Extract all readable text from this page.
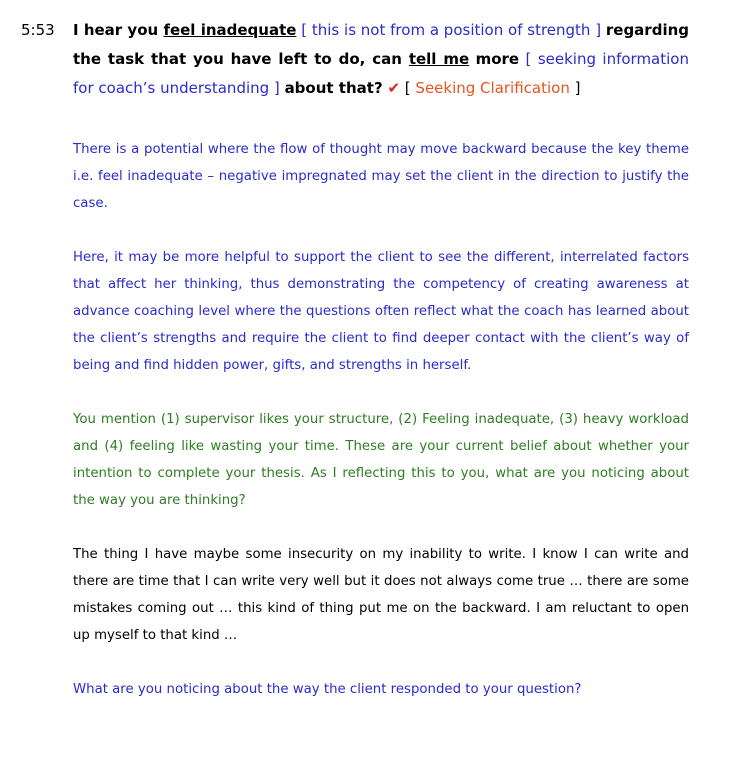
5:53 I hear you feel inadequate [ this is not from a position of strength ] regarding the task that you have left to do, can tell me more [ seeking information for coach’s understanding ] about that? ✔ [ Seeking Clarification ]

There is a potential where the flow of thought may move backward because the key theme i.e. feel inadequate – negative impregnated may set the client in the direction to justify the case.

Here, it may be more helpful to support the client to see the different, interrelated factors that affect her thinking, thus demonstrating the competency of creating awareness at advance coaching level where the questions often reflect what the coach has learned about the client’s strengths and require the client to find deeper contact with the client’s way of being and find hidden power, gifts, and strengths in herself.

You mention (1) supervisor likes your structure, (2) Feeling inadequate, (3) heavy workload and (4) feeling like wasting your time. These are your current belief about whether your intention to complete your thesis. As I reflecting this to you, what are you noticing about the way you are thinking?

The thing I have maybe some insecurity on my inability to write. I know I can write and there are time that I can write very well but it does not always come true … there are some mistakes coming out … this kind of thing put me on the backward. I am reluctant to open up myself to that kind …

What are you noticing about the way the client responded to your question?
